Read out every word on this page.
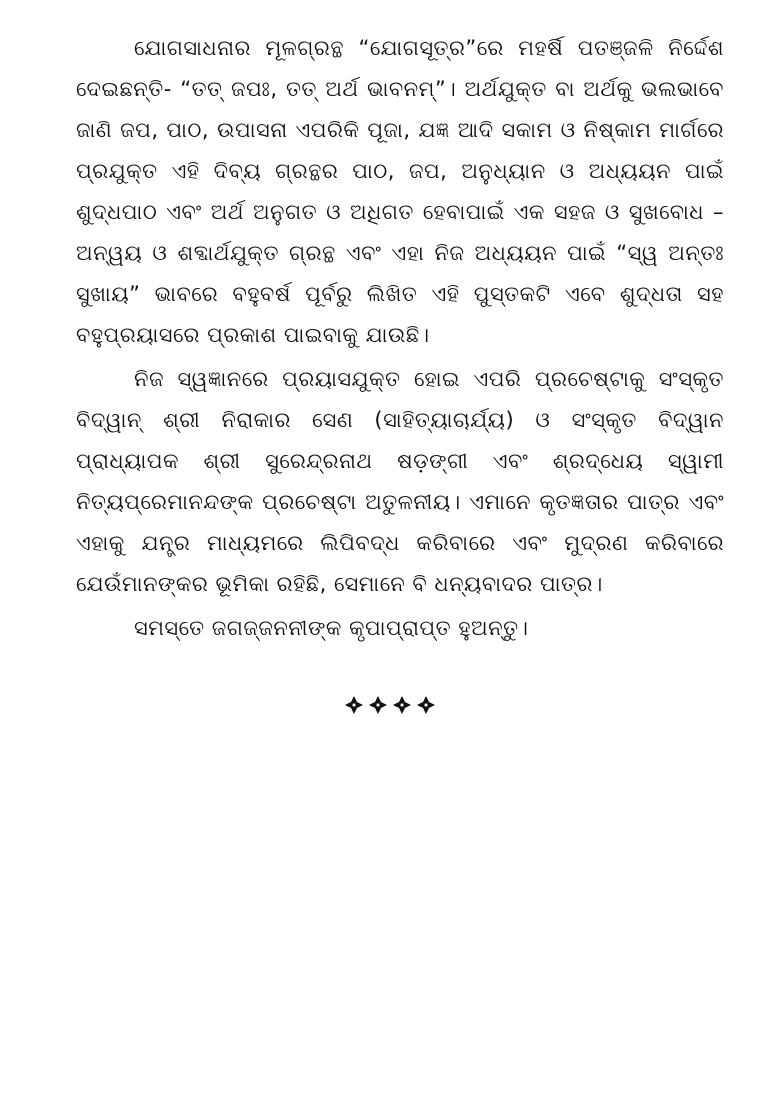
ଯୋଗସାଧନାର ମୂଳଗ୍ରନ୍ଥ “ଯୋଗସୂତ୍ର”ରେ ମହର୍ଷି ପତଞ୍ଜଳି ନିର୍ଦ୍ଦେଶ ଦେଇଛନ୍ତି- “ତତ୍ ଜପଃ, ତତ୍ ଅର୍ଥ ଭାବନମ୍”। ଅର୍ଥଯୁକ୍ତ ବା ଅର୍ଥକୁ ଭଲଭାବେ ଜାଣି ଜପ, ପାଠ, ଉପାସନା ଏପରିକି ପୂଜା, ଯଜ୍ଞ ଆଦି ସକାମ ଓ ନିଷ୍କାମ ମାର୍ଗରେ ପ୍ରଯୁକ୍ତ ଏହି ଦିବ୍ୟ ଗ୍ରନ୍ଥର ପାଠ, ଜପ, ଅନୁଧ୍ୟାନ ଓ ଅଧ୍ୟୟନ ପାଇଁ ଶୁଦ୍ଧପାଠ ଏବଂ ଅର୍ଥ ଅନୁଗତ ଓ ଅଧିଗତ ହେବାପାଇଁ ଏକ ସହଜ ଓ ସୁଖବୋଧ – ଅନ୍ୱୟ ଓ ଶବ୍ଦାର୍ଥଯୁକ୍ତ ଗ୍ରନ୍ଥ ଏବଂ ଏହା ନିଜ ଅଧ୍ୟୟନ ପାଇଁ “ସ୍ୱ ଅନ୍ତଃ ସୁଖାୟ” ଭାବରେ ବହୁବର୍ଷ ପୂର୍ବରୁ ଲିଖିତ ଏହି ପୁସ୍ତକଟି ଏବେ ଶୁଦ୍ଧତା ସହ ବହୁପ୍ରୟାସରେ ପ୍ରକାଶ ପାଇବାକୁ ଯାଉଛି।

ନିଜ ସ୍ୱଜ୍ଞାନରେ ପ୍ରୟାସଯୁକ୍ତ ହୋଇ ଏପରି ପ୍ରଚେଷ୍ଟାକୁ ସଂସ୍କୃତ ବିଦ୍ୱାନ୍ ଶ୍ରୀ ନିରାକାର ସେଣ (ସାହିତ୍ୟାଚାର୍ଯ୍ୟ) ଓ ସଂସ୍କୃତ ବିଦ୍ୱାନ ପ୍ରାଧ୍ୟାପକ ଶ୍ରୀ ସୁରେନ୍ଦ୍ରନାଥ ଷଡ଼ଙ୍ଗୀ ଏବଂ ଶ୍ରଦ୍ଧେୟ ସ୍ୱାମୀ ନିତ୍ୟପ୍ରେମାନନ୍ଦଙ୍କ ପ୍ରଚେଷ୍ଟା ଅତୁଳନୀୟ। ଏମାନେ କୃତଜ୍ଞତାର ପାତ୍ର ଏବଂ ଏହାକୁ ଯନ୍ତ୍ର ମାଧ୍ୟମରେ ଲିପିବଦ୍ଧ କରିବାରେ ଏବଂ ମୁଦ୍ରଣ କରିବାରେ ଯେଉଁମାନଙ୍କର ଭୂମିକା ରହିଛି, ସେମାନେ ବି ଧନ୍ୟବାଦର ପାତ୍ର।

ସମସ୍ତେ ଜଗଜ୍ଜନନୀଙ୍କ କୃପାପ୍ରାପ୍ତ ହୁଅନ୍ତୁ।
